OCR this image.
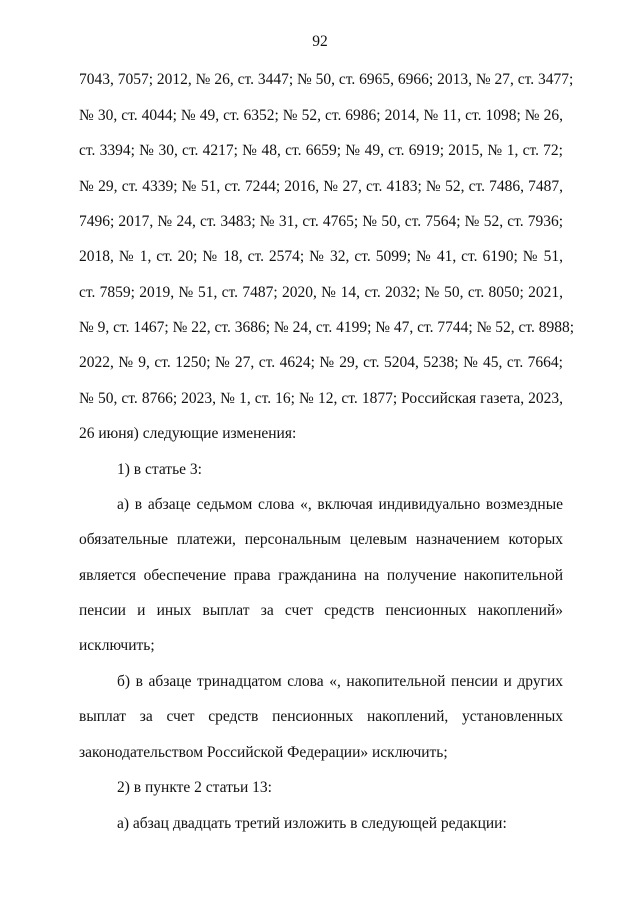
92
7043, 7057; 2012, № 26, ст. 3447; № 50, ст. 6965, 6966; 2013, № 27, ст. 3477;
№ 30, ст. 4044; № 49, ст. 6352; № 52, ст. 6986; 2014, № 11, ст. 1098; № 26,
ст. 3394; № 30, ст. 4217; № 48, ст. 6659; № 49, ст. 6919; 2015, № 1, ст. 72;
№ 29, ст. 4339; № 51, ст. 7244; 2016, № 27, ст. 4183; № 52, ст. 7486, 7487,
7496; 2017, № 24, ст. 3483; № 31, ст. 4765; № 50, ст. 7564; № 52, ст. 7936;
2018, № 1, ст. 20; № 18, ст. 2574; № 32, ст. 5099; № 41, ст. 6190; № 51,
ст. 7859; 2019, № 51, ст. 7487; 2020, № 14, ст. 2032; № 50, ст. 8050; 2021,
№ 9, ст. 1467; № 22, ст. 3686; № 24, ст. 4199; № 47, ст. 7744; № 52, ст. 8988;
2022, № 9, ст. 1250; № 27, ст. 4624; № 29, ст. 5204, 5238; № 45, ст. 7664;
№ 50, ст. 8766; 2023, № 1, ст. 16; № 12, ст. 1877; Российская газета, 2023,
26 июня) следующие изменения:
1) в статье 3:
а) в абзаце седьмом слова «, включая индивидуально возмездные
обязательные платежи, персональным целевым назначением которых
является обеспечение права гражданина на получение накопительной
пенсии и иных выплат за счет средств пенсионных накоплений»
исключить;
б) в абзаце тринадцатом слова «, накопительной пенсии и других
выплат за счет средств пенсионных накоплений, установленных
законодательством Российской Федерации» исключить;
2) в пункте 2 статьи 13:
а) абзац двадцать третий изложить в следующей редакции:
